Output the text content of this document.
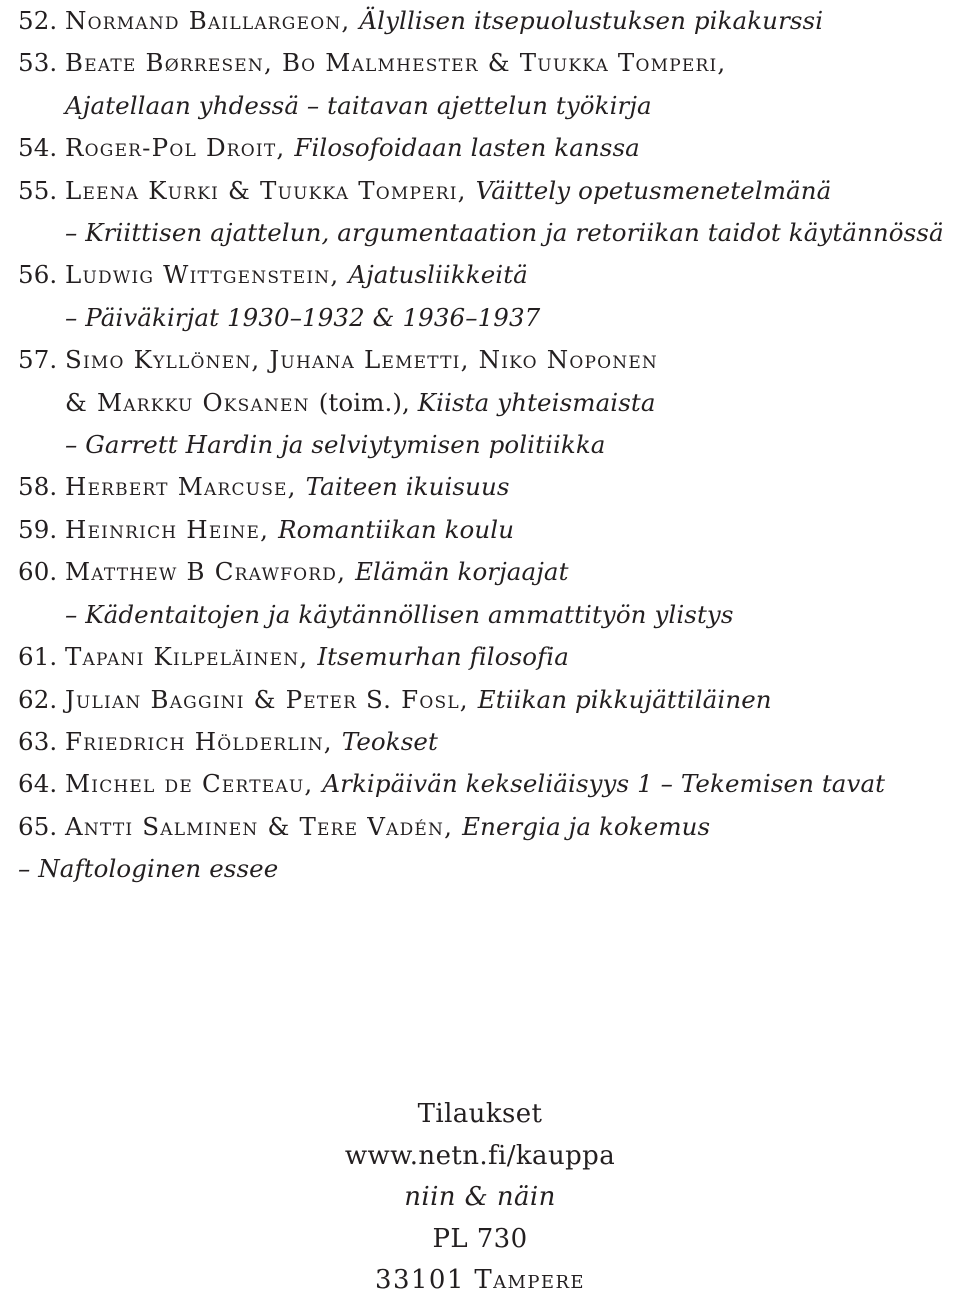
52. Normand Baillargeon, Älyllisen itsepuolustuksen pikakurssi
53. Beate Børresen, Bo Malmhester & Tuukka Tomperi,
Ajatellaan yhdessä – taitavan ajettelun työkirja
54. Roger-Pol Droit, Filosofoidaan lasten kanssa
55. Leena Kurki & Tuukka Tomperi, Väittely opetusmenetelmänä
– Kriittisen ajattelun, argumentaation ja retoriikan taidot käytännössä
56. Ludwig Wittgenstein, Ajatusliikkeitä
– Päiväkirjat 1930–1932 & 1936–1937
57. Simo Kyllönen, Juhana Lemetti, Niko Noponen
& Markku Oksanen (toim.), Kiista yhteismaista
– Garrett Hardin ja selviytymisen politiikka
58. Herbert Marcuse, Taiteen ikuisuus
59. Heinrich Heine, Romantiikan koulu
60. Matthew B Crawford, Elämän korjaajat
– Kädentaitojen ja käytännöllisen ammattityön ylistys
61. Tapani Kilpeläinen, Itsemurhan filosofia
62. Julian Baggini & Peter S. Fosl, Etiikan pikkujättiläinen
63. Friedrich Hölderlin, Teokset
64. Michel de Certeau, Arkipäivän kekseliäisyys 1 – Tekemisen tavat
65. Antti Salminen & Tere Vadén, Energia ja kokemus
– Naftologinen essee
Tilaukset
www.netn.fi/kauppa
niin & näin
PL 730
33101 Tampere
